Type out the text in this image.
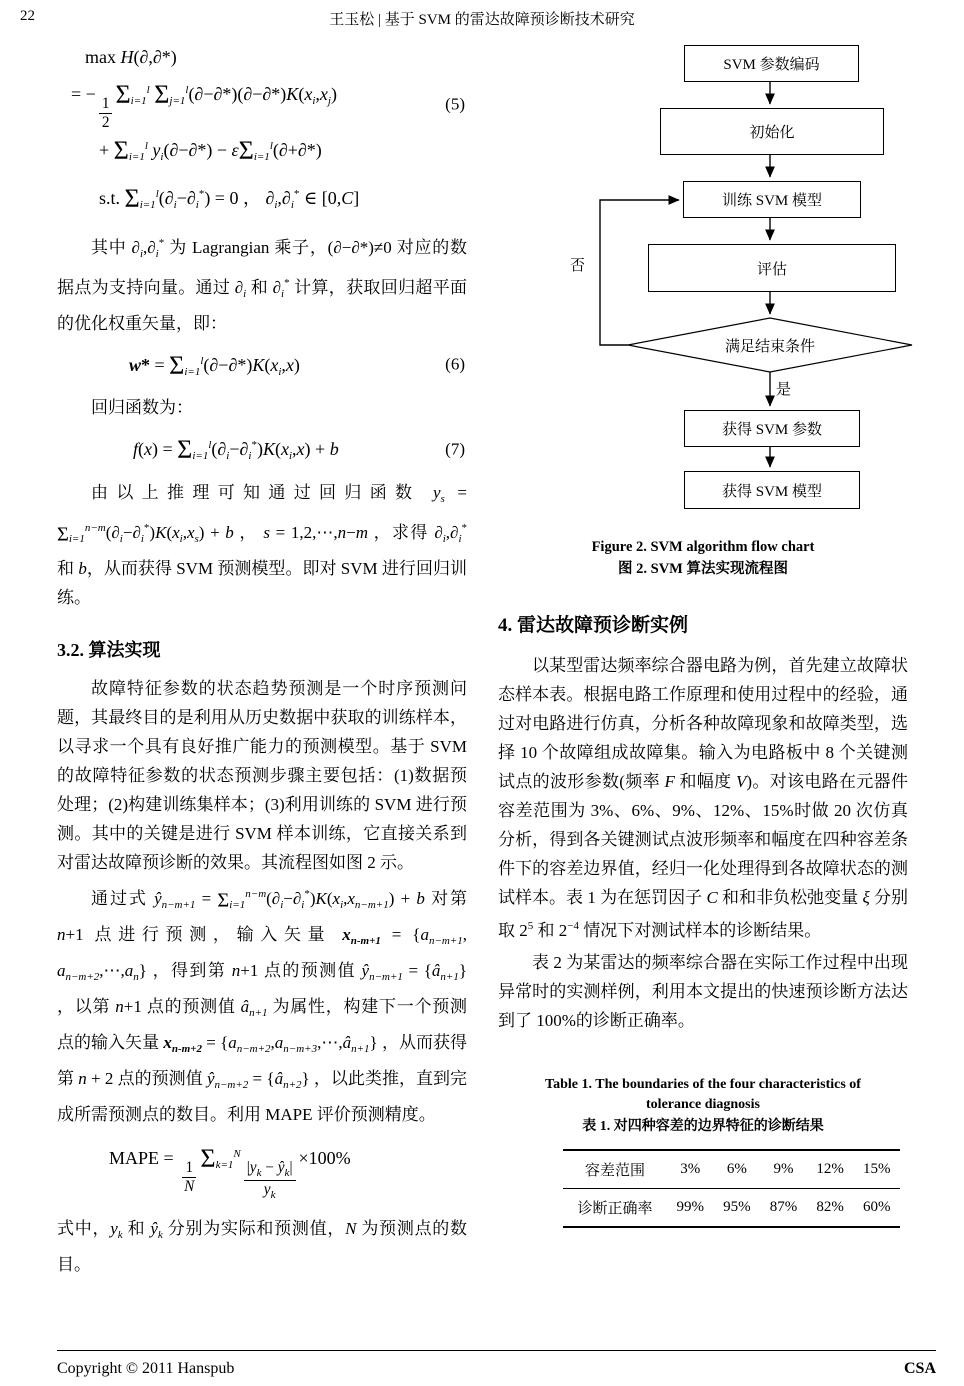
22	王玉松 | 基于 SVM 的雷达故障预诊断技术研究
max H(∂,∂*)
= −
$\frac{1}{2}$
$\Sigma_{i=1}^l$ $\Sigma_{j=1}^l(\partial-\partial*)(\partial-\partial*)K(x_i,x_j)$
(5)
+ $\Sigma_{i=1}^l$ $y_i(\partial-\partial*) - \varepsilon\Sigma_{i=1}^l(\partial+\partial*)$
s.t. $\Sigma_{i=1}^l(\partial_i-\partial_i^*) = 0$ ， $\partial_i,\partial_i^*$ ∈ [0,C]

其中 $\partial_i,\partial_i^*$ 为 Lagrangian 乘子，(∂−∂*)≠0 对应的数据点为支持向量。通过 $\partial_i$ 和 $\partial_i^*$ 计算，获取回归超平面的优化权重矢量，即：

$w* = \Sigma_{i=1}^l(\partial-\partial*)K(x_i,x)$	(6)

回归函数为：

$f(x) = \Sigma_{i=1}^l(\partial_i-\partial_i^*)K(x_i,x) + b$	(7)

由以上推理可知通过回归函数 $y_s = \Sigma_{i=1}^{n-m}(\partial_i-\partial_i^*)K(x_i,x_s) + b$ ， s = 1,2,⋯,n−m ，求得 $\partial_i,\partial_i^*$ 和 b，从而获得 SVM 预测模型。即对 SVM 进行回归训练。

3.2. 算法实现

故障特征参数的状态趋势预测是一个时序预测问题，其最终目的是利用从历史数据中获取的训练样本，以寻求一个具有良好推广能力的预测模型。基于 SVM 的故障特征参数的状态预测步骤主要包括：(1)数据预处理；(2)构建训练集样本；(3)利用训练的 SVM 进行预测。其中的关键是进行 SVM 样本训练，它直接关系到对雷达故障预诊断的效果。其流程图如图 2 示。

通过式 $ŷ_{n-m+1} = \Sigma_{i=1}^{n-m}(\partial_i-\partial_i^*)K(x_i,x_{n-m+1}) + b$ 对第 n+1 点进行预测，输入矢量 $x_{n-m+1} = \{a_{n-m+1}$, $a_{n-m+2},\cdots,a_n$} ，得到第 n+1 点的预测值 $ŷ_{n-m+1}$ = $\{â_{n+1}\}$ ，以第 n+1 点的预测值 $â_{n+1}$ 为属性，构建下一个预测点的输入矢量 $x_{n-m+2}$ = $\{a_{n-m+2},a_{n-m+3},\cdots,â_{n+1}\}$ ，从而获得第 n + 2 点的预测值 $ŷ_{n-m+2}$ = $\{â_{n+2}\}$ ，以此类推，直到完成所需预测点的数目。利用 MAPE 评价预测精度。

MAPE =
$\frac{1}{N}$
$\Sigma_{k=1}^N$
$\frac{|y_k - ŷ_k|}{y_k}$
×100%

式中，$y_k$ 和 $ŷ_k$ 分别为实际和预测值，N 为预测点的数目。

SVM 参数编码
初始化
训练 SVM 模型
评估
满足结束条件
获得 SVM 参数
获得 SVM 模型
否
是
Figure 2. SVM algorithm flow chart
图 2. SVM 算法实现流程图
4. 雷达故障预诊断实例

以某型雷达频率综合器电路为例，首先建立故障状态样本表。根据电路工作原理和使用过程中的经验，通过对电路进行仿真，分析各种故障现象和故障类型，选择 10 个故障组成故障集。输入为电路板中 8 个关键测试点的波形参数(频率 F 和幅度 V)。对该电路在元器件容差范围为 3%、6%、9%、12%、15%时做 20 次仿真分析，得到各关键测试点波形频率和幅度在四种容差条件下的容差边界值，经归一化处理得到各故障状态的测试样本。表 1 为在惩罚因子 C 和和非负松弛变量 ξ 分别取 $2^5$ 和 $2^{-4}$ 情况下对测试样本的诊断结果。

表 2 为某雷达的频率综合器在实际工作过程中出现异常时的实测样例，利用本文提出的快速预诊断方法达到了 100%的诊断正确率。

Table 1. The boundaries of the four characteristics of tolerance diagnosis
表 1. 对四种容差的边界特征的诊断结果
容差范围	3%	6%	9%	12%	15%
诊断正确率	99%	95%	87%	82%	60%
Copyright © 2011 Hanspub	CSA
